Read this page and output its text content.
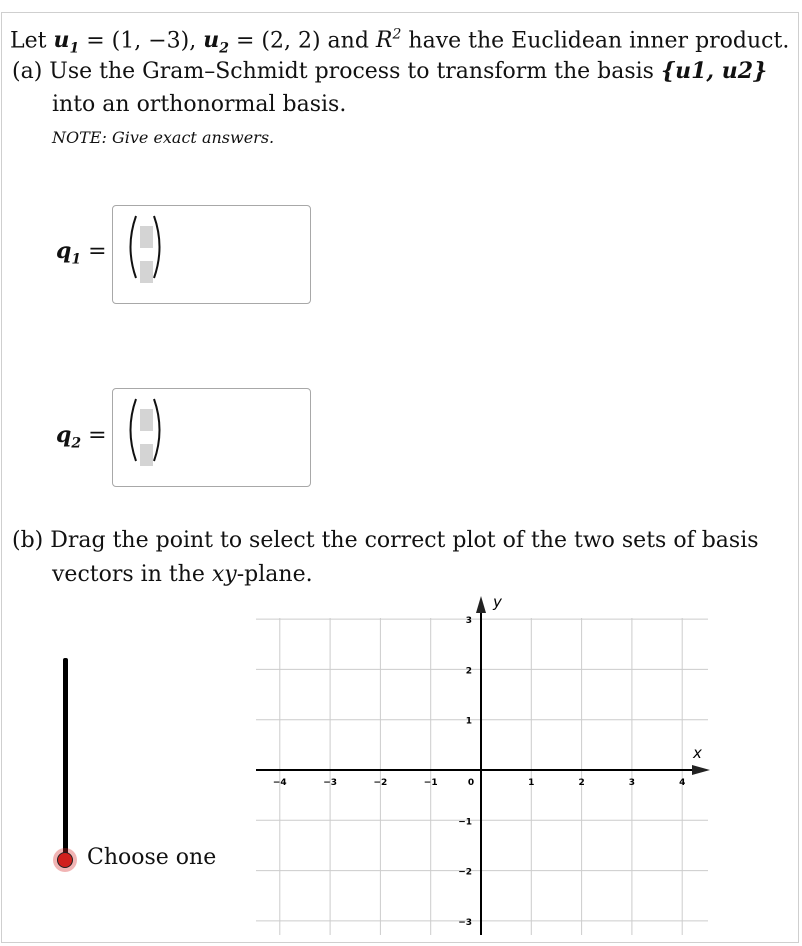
Let $u_1 = (1$, −3), $u_2 = (2$, 2) and $R^2$ have the Euclidean inner product.
(a) Use the Gram–Schmidt process to transform the basis {u1, u2}
into an orthonormal basis.
NOTE: Give exact answers.
$q_1$ =
$q_2$ =
(b) Drag the point to select the correct plot of the two sets of basis
vectors in the xy-plane.
Choose one
−4	−3	−2	−1	0	1	2	3	4
3
2
1
−1
−2
−3
x
y
